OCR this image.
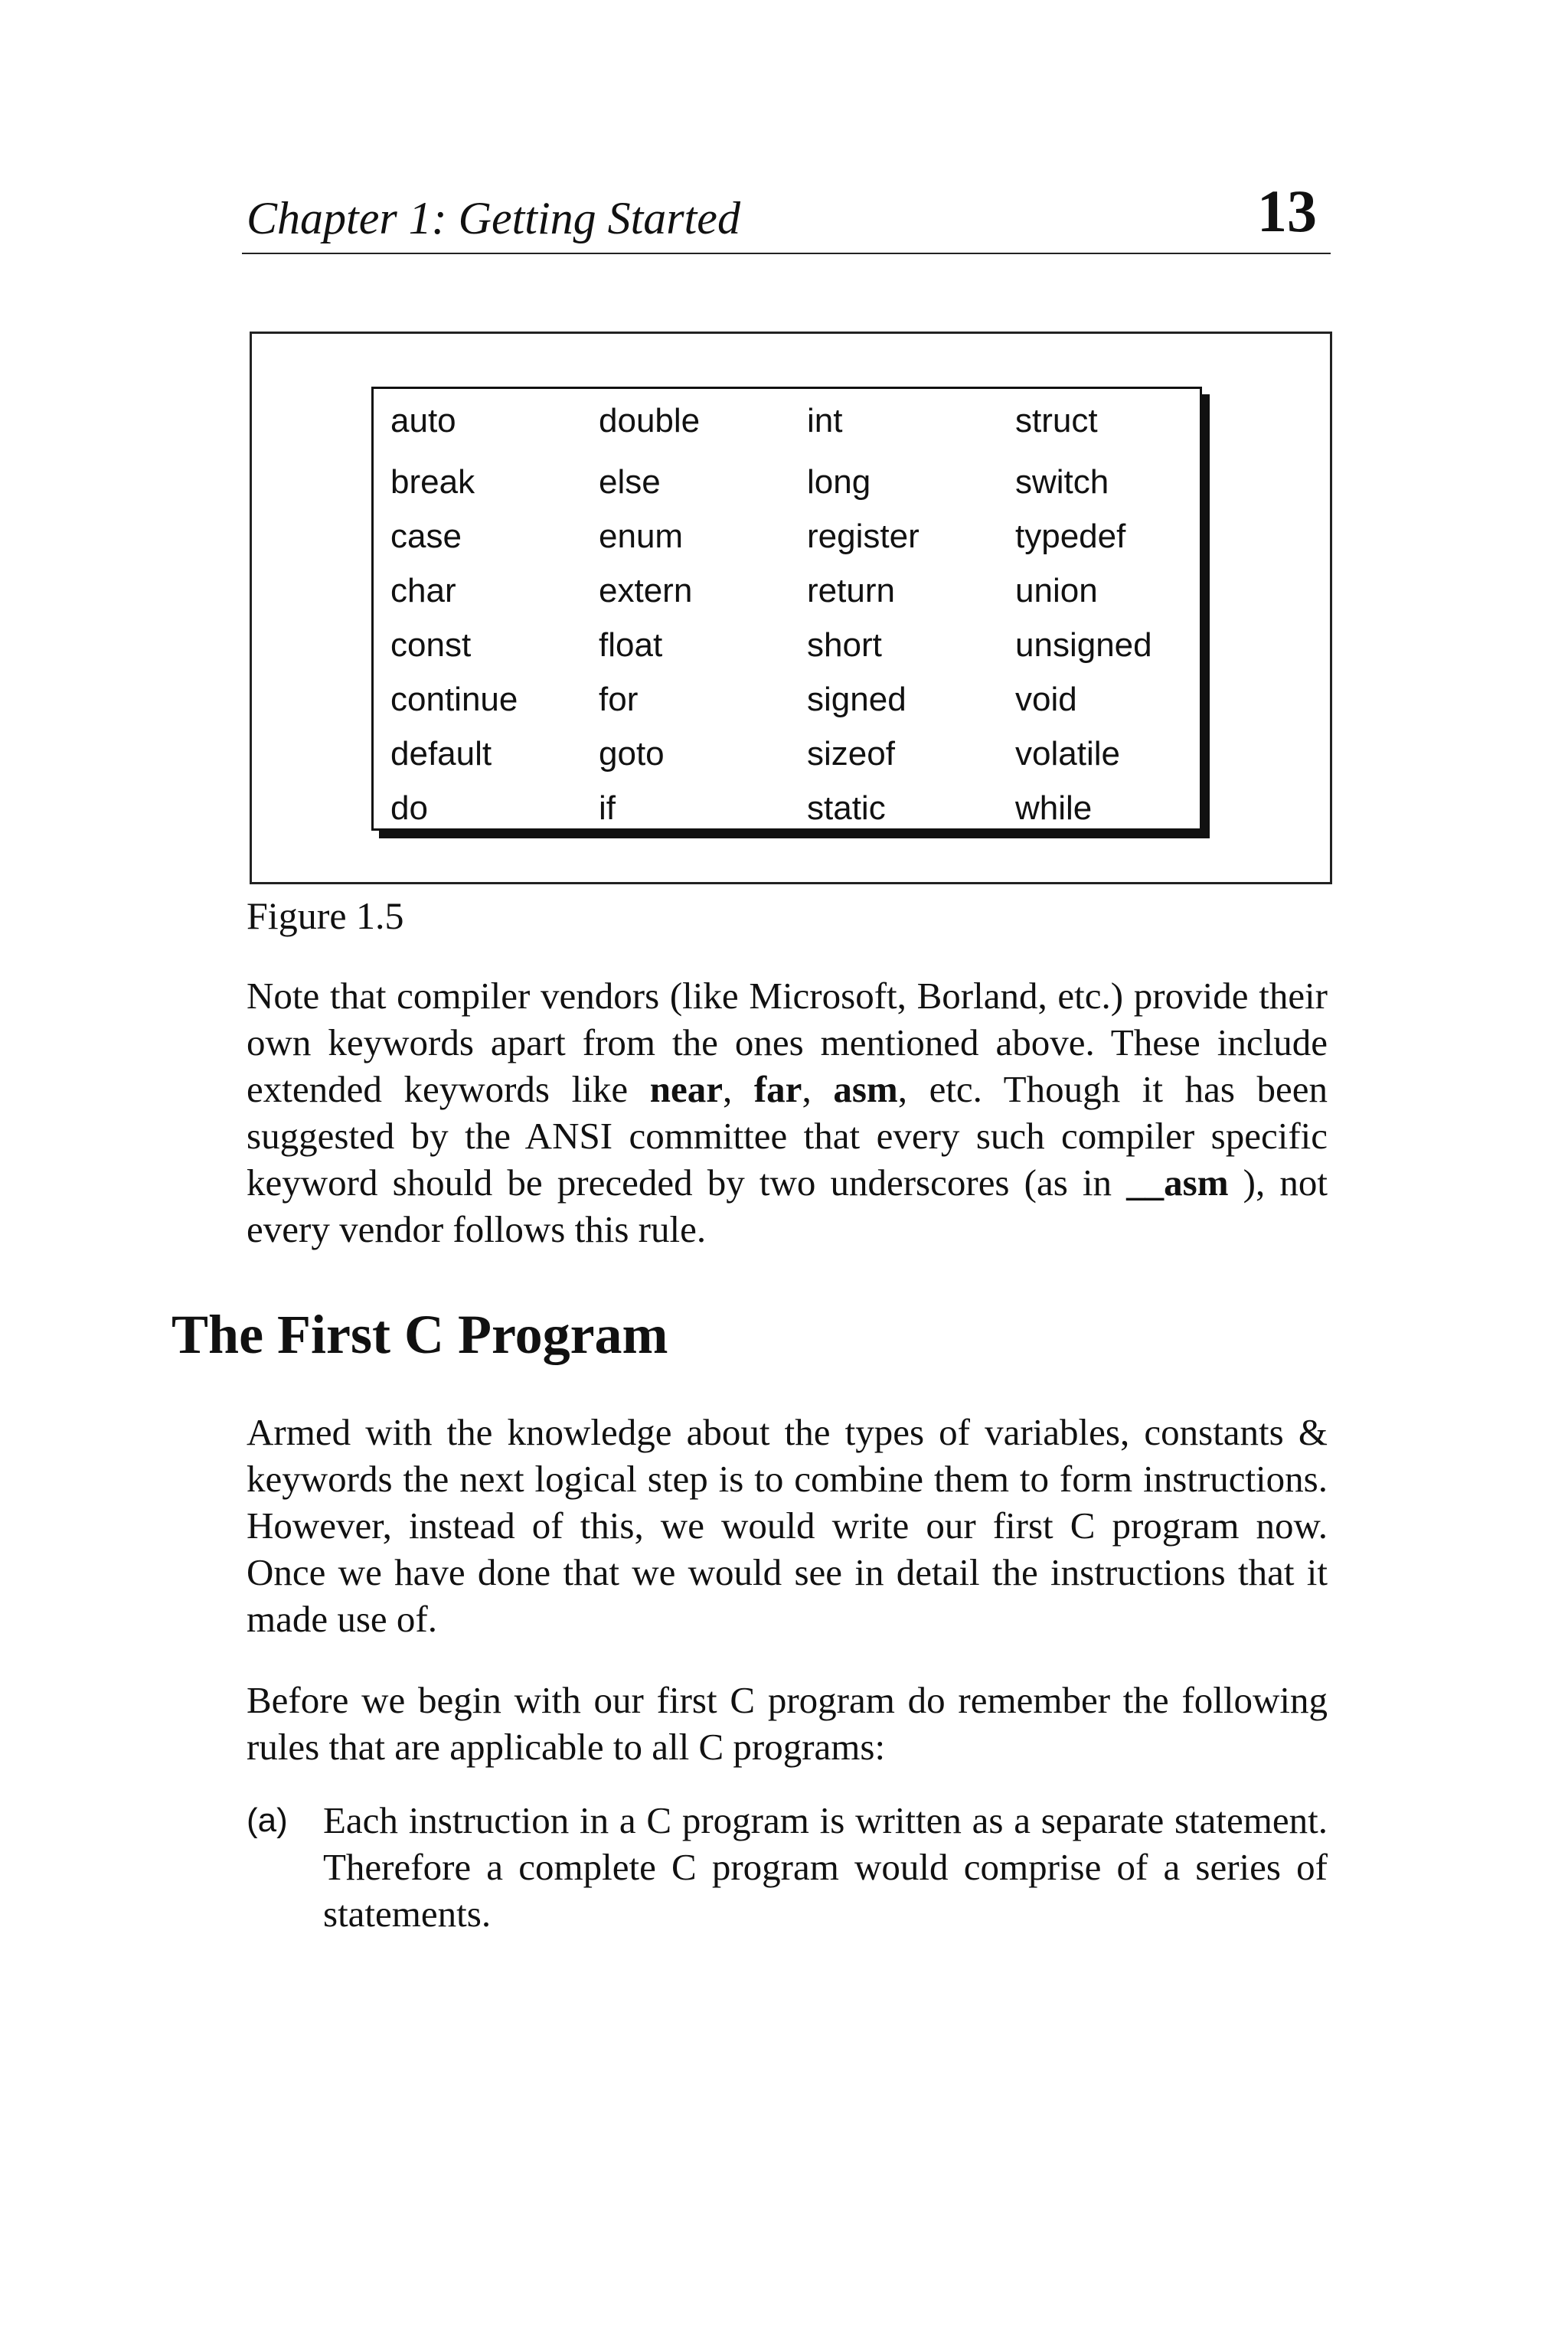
Chapter 1: Getting Started	13
auto	double	int	struct
break	else	long	switch
case	enum	register	typedef
char	extern	return	union
const	float	short	unsigned
continue	for	signed	void
default	goto	sizeof	volatile
do	if	static	while
Figure 1.5

Note that compiler vendors (like Microsoft, Borland, etc.) provide their own keywords apart from the ones mentioned above. These include extended keywords like near, far, asm, etc. Though it has been suggested by the ANSI committee that every such compiler specific keyword should be preceded by two underscores (as in __asm ), not every vendor follows this rule.

The First C Program

Armed with the knowledge about the types of variables, constants & keywords the next logical step is to combine them to form instructions. However, instead of this, we would write our first C program now. Once we have done that we would see in detail the instructions that it made use of.

Before we begin with our first C program do remember the following rules that are applicable to all C programs:

(a) Each instruction in a C program is written as a separate statement. Therefore a complete C program would comprise of a series of statements.
